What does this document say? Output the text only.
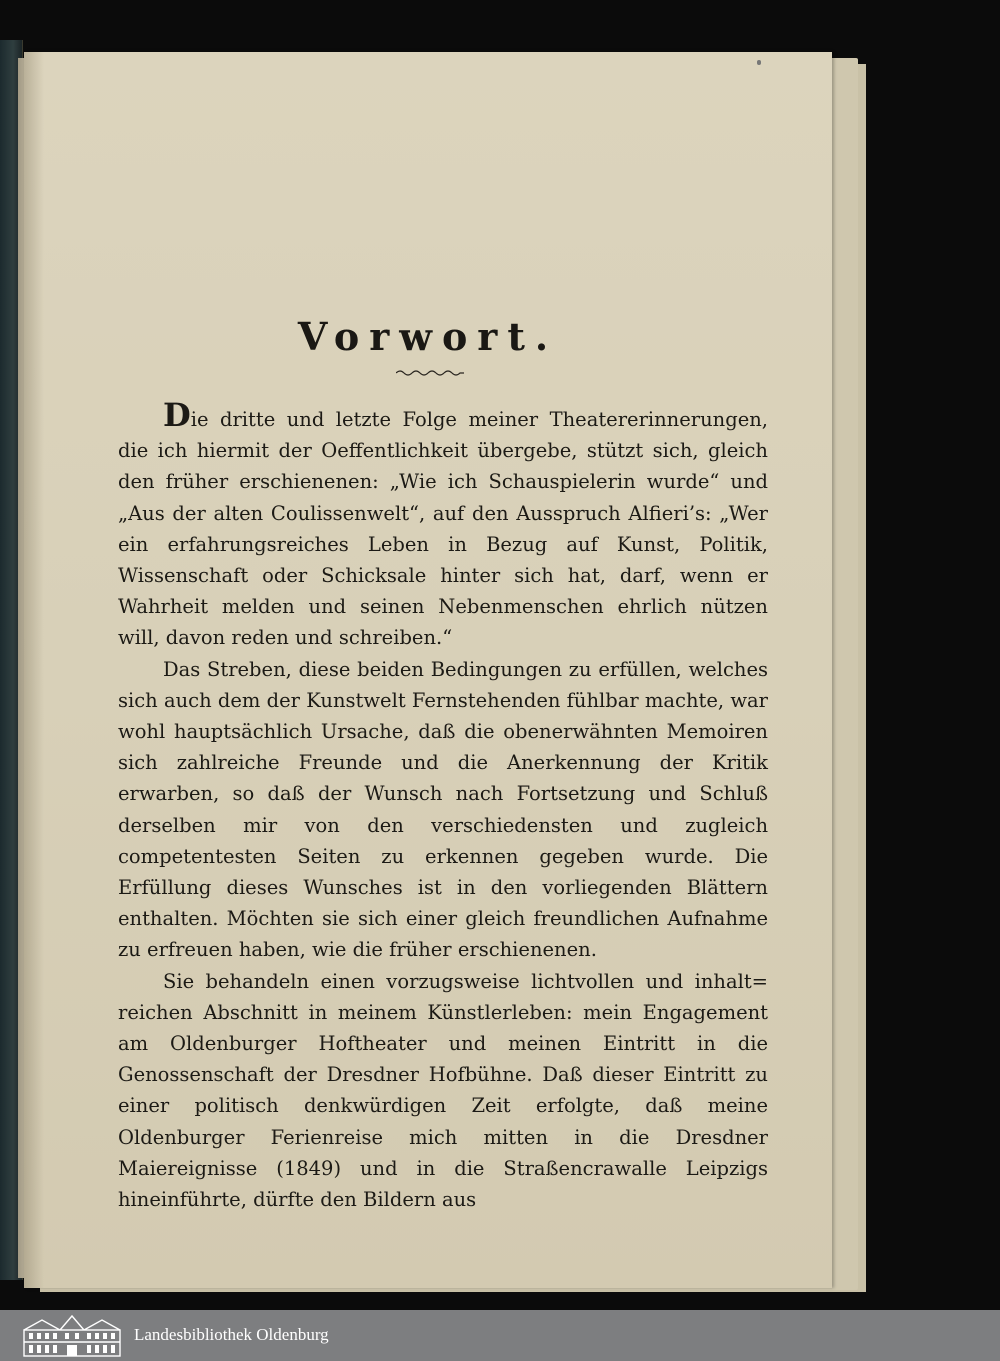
Vorwort.

Die dritte und letzte Folge meiner Theatererinnerungen, die ich hiermit der Oeffentlichkeit übergebe, stützt sich, gleich den früher erschienenen: „Wie ich Schauspielerin wurde“ und „Aus der alten Coulissenwelt“, auf den Ausspruch Alfieri’s: „Wer ein erfahrungsreiches Leben in Bezug auf Kunst, Politik, Wissenschaft oder Schicksale hinter sich hat, darf, wenn er Wahrheit melden und seinen Nebenmenschen ehrlich nützen will, davon reden und schreiben.“

Das Streben, diese beiden Bedingungen zu erfüllen, welches sich auch dem der Kunstwelt Fernstehenden fühlbar machte, war wohl hauptsächlich Ursache, daß die obenerwähnten Memoiren sich zahlreiche Freunde und die Anerkennung der Kritik erwarben, so daß der Wunsch nach Fortsetzung und Schluß derselben mir von den verschiedensten und zugleich competentesten Seiten zu erkennen gegeben wurde. Die Erfüllung dieses Wunsches ist in den vorliegenden Blättern enthalten. Möchten sie sich einer gleich freundlichen Aufnahme zu erfreuen haben, wie die früher erschienenen.

Sie behandeln einen vorzugsweise lichtvollen und inhalt= reichen Abschnitt in meinem Künstlerleben: mein Engagement am Oldenburger Hoftheater und meinen Eintritt in die Genossenschaft der Dresdner Hofbühne. Daß dieser Eintritt zu einer politisch denkwürdigen Zeit erfolgte, daß meine Oldenburger Ferienreise mich mitten in die Dresdner Maiereignisse (1849) und in die Straßencrawalle Leipzigs hineinführte, dürfte den Bildern aus

Landesbibliothek Oldenburg
